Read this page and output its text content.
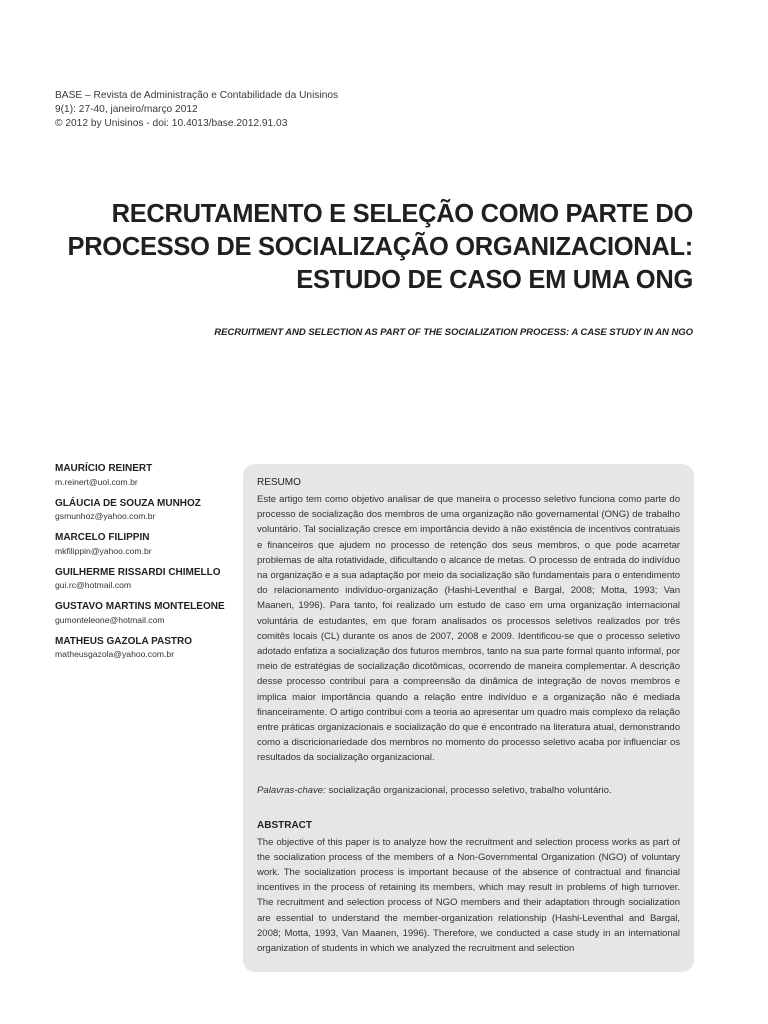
BASE – Revista de Administração e Contabilidade da Unisinos
9(1): 27-40, janeiro/março 2012
© 2012 by Unisinos - doi: 10.4013/base.2012.91.03
RECRUTAMENTO E SELEÇÃO COMO PARTE DO
PROCESSO DE SOCIALIZAÇÃO ORGANIZACIONAL:
ESTUDO DE CASO EM UMA ONG
RECRUITMENT AND SELECTION AS PART OF THE SOCIALIZATION PROCESS: A CASE STUDY IN AN NGO
MAURÍCIO REINERT
m.reinert@uol.com.br
GLÁUCIA DE SOUZA MUNHOZ
gsmunhoz@yahoo.com.br
MARCELO FILIPPIN
mkfilippin@yahoo.com.br
GUILHERME RISSARDI CHIMELLO
gui.rc@hotmail.com
GUSTAVO MARTINS MONTELEONE
gumonteleone@hotmail.com
MATHEUS GAZOLA PASTRO
matheusgazola@yahoo.com.br
RESUMO

Este artigo tem como objetivo analisar de que maneira o processo seletivo funciona como parte do processo de socialização dos membros de uma organização não governamental (ONG) de trabalho voluntário. Tal socialização cresce em importância devido à não existência de incentivos contratuais e financeiros que ajudem no processo de retenção dos seus membros, o que pode acarretar problemas de alta rotatividade, dificultando o alcance de metas. O processo de entrada do indivíduo na organização e a sua adaptação por meio da socialização são fundamentais para o entendimento do relacionamento indivíduo-organização (Hashi-Leventhal e Bargal, 2008; Motta, 1993; Van Maanen, 1996). Para tanto, foi realizado um estudo de caso em uma organização internacional voluntária de estudantes, em que foram analisados os processos seletivos realizados por três comitês locais (CL) durante os anos de 2007, 2008 e 2009. Identificou-se que o processo seletivo adotado enfatiza a socialização dos futuros membros, tanto na sua parte formal quanto informal, por meio de estratégias de socialização dicotômicas, ocorrendo de maneira complementar. A descrição desse processo contribui para a compreensão da dinâmica de integração de novos membros e implica maior importância quando a relação entre indivíduo e a organização não é mediada financeiramente. O artigo contribui com a teoria ao apresentar um quadro mais complexo da relação entre práticas organizacionais e socialização do que é encontrado na literatura atual, demonstrando como a discricionariedade dos membros no momento do processo seletivo acaba por influenciar os resultados da socialização organizacional.

Palavras-chave: socialização organizacional, processo seletivo, trabalho voluntário.
ABSTRACT

The objective of this paper is to analyze how the recruitment and selection process works as part of the socialization process of the members of a Non-Governmental Organization (NGO) of voluntary work. The socialization process is important because of the absence of contractual and financial incentives in the process of retaining its members, which may result in problems of high turnover. The recruitment and selection process of NGO members and their adaptation through socialization are essential to understand the member-organization relationship (Hashi-Leventhal and Bargal, 2008; Motta, 1993, Van Maanen, 1996). Therefore, we conducted a case study in an international organization of students in which we analyzed the recruitment and selection
